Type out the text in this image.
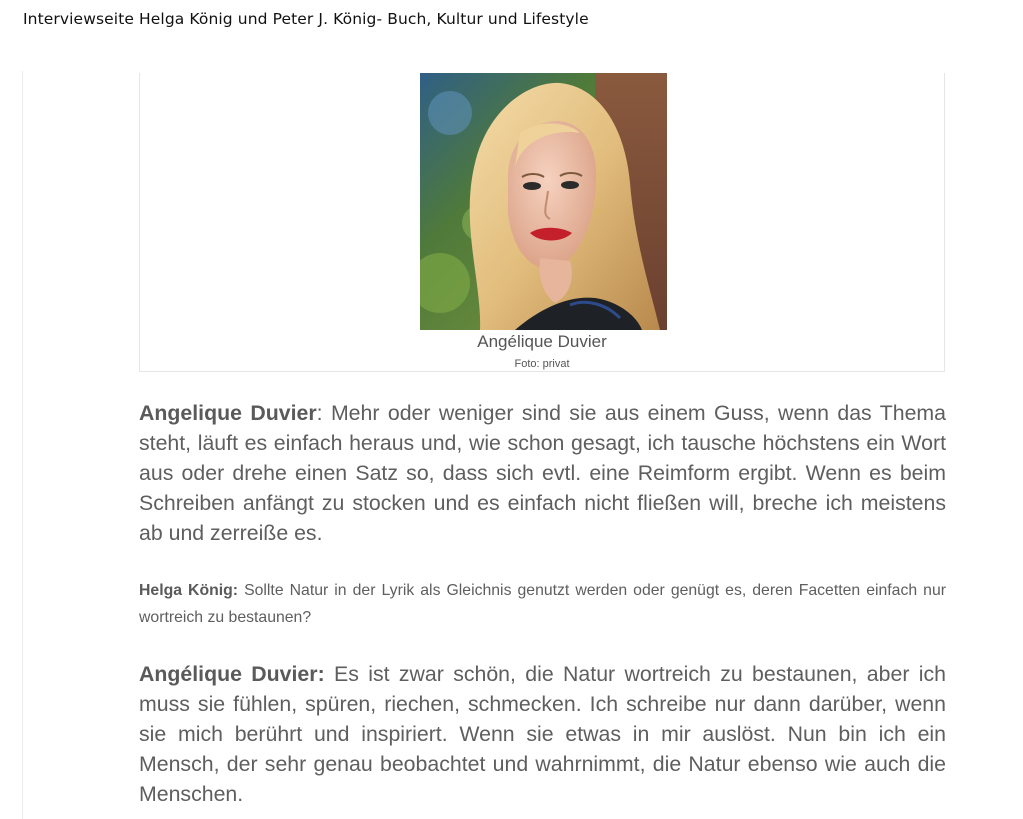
Interviewseite Helga König und Peter J. König- Buch, Kultur und Lifestyle
Angélique Duvier
Foto: privat

Angelique Duvier: Mehr oder weniger sind sie aus einem Guss, wenn das Thema steht, läuft es einfach heraus und, wie schon gesagt, ich tausche höchstens ein Wort aus oder drehe einen Satz so, dass sich evtl. eine Reimform ergibt. Wenn es beim Schreiben anfängt zu stocken und es einfach nicht fließen will, breche ich meistens ab und zerreiße es.

Helga König: Sollte Natur in der Lyrik als Gleichnis genutzt werden oder genügt es, deren Facetten einfach nur wortreich zu bestaunen?

Angélique Duvier: Es ist zwar schön, die Natur wortreich zu bestaunen, aber ich muss sie fühlen, spüren, riechen, schmecken. Ich schreibe nur dann darüber, wenn sie mich berührt und inspiriert. Wenn sie etwas in mir auslöst. Nun bin ich ein Mensch, der sehr genau beobachtet und wahrnimmt, die Natur ebenso wie auch die Menschen.
